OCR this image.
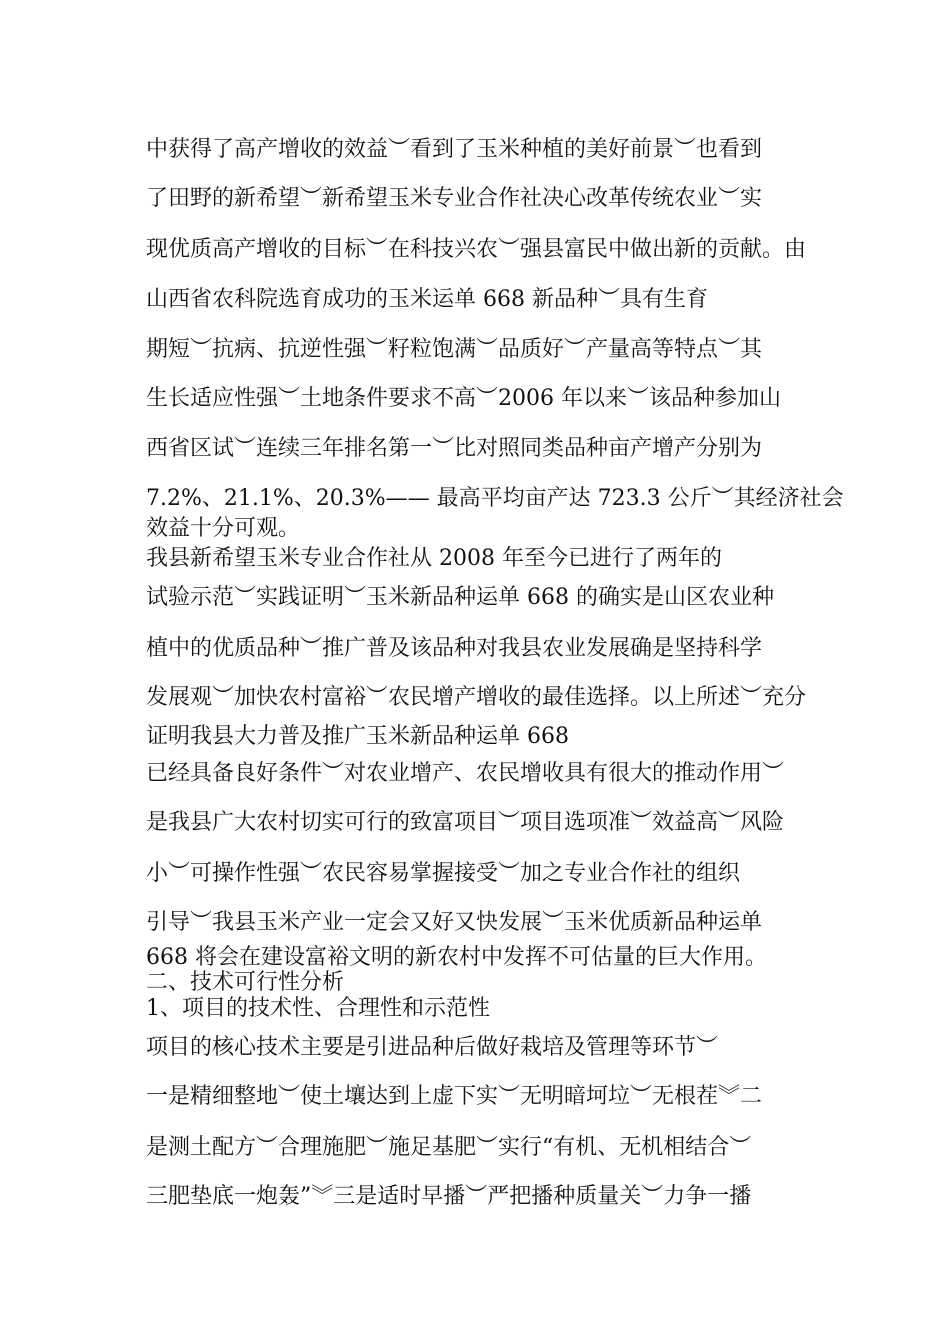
中获得了高产增收的效益︶看到了玉米种植的美好前景︶也看到
了田野的新希望︶新希望玉米专业合作社决心改革传统农业︶实
现优质高产增收的目标︶在科技兴农︶强县富民中做出新的贡献。由
山西省农科院选育成功的玉米运单 668 新品种︶具有生育
期短︶抗病、抗逆性强︶籽粒饱满︶品质好︶产量高等特点︶其
生长适应性强︶土地条件要求不高︶2006 年以来︶该品种参加山
西省区试︶连续三年排名第一︶比对照同类品种亩产增产分别为
7.2%、21.1%、20.3%—— 最高平均亩产达 723.3 公斤︶其经济社会
效益十分可观。
我县新希望玉米专业合作社从 2008 年至今已进行了两年的
试验示范︶实践证明︶玉米新品种运单 668 的确实是山区农业种
植中的优质品种︶推广普及该品种对我县农业发展确是坚持科学
发展观︶加快农村富裕︶农民增产增收的最佳选择。以上所述︶充分
证明我县大力普及推广玉米新品种运单 668
已经具备良好条件︶对农业增产、农民增收具有很大的推动作用︶
是我县广大农村切实可行的致富项目︶项目选项准︶效益高︶风险
小︶可操作性强︶农民容易掌握接受︶加之专业合作社的组织
引导︶我县玉米产业一定会又好又快发展︶玉米优质新品种运单
668 将会在建设富裕文明的新农村中发挥不可估量的巨大作用。
二、技术可行性分析
1、项目的技术性、合理性和示范性
项目的核心技术主要是引进品种后做好栽培及管理等环节︶
一是精细整地︶使土壤达到上虚下实︶无明暗坷垃︶无根茬︾二
是测土配方︶合理施肥︶施足基肥︶实行“有机、无机相结合︶
三肥垫底一炮轰”︾三是适时早播︶严把播种质量关︶力争一播
